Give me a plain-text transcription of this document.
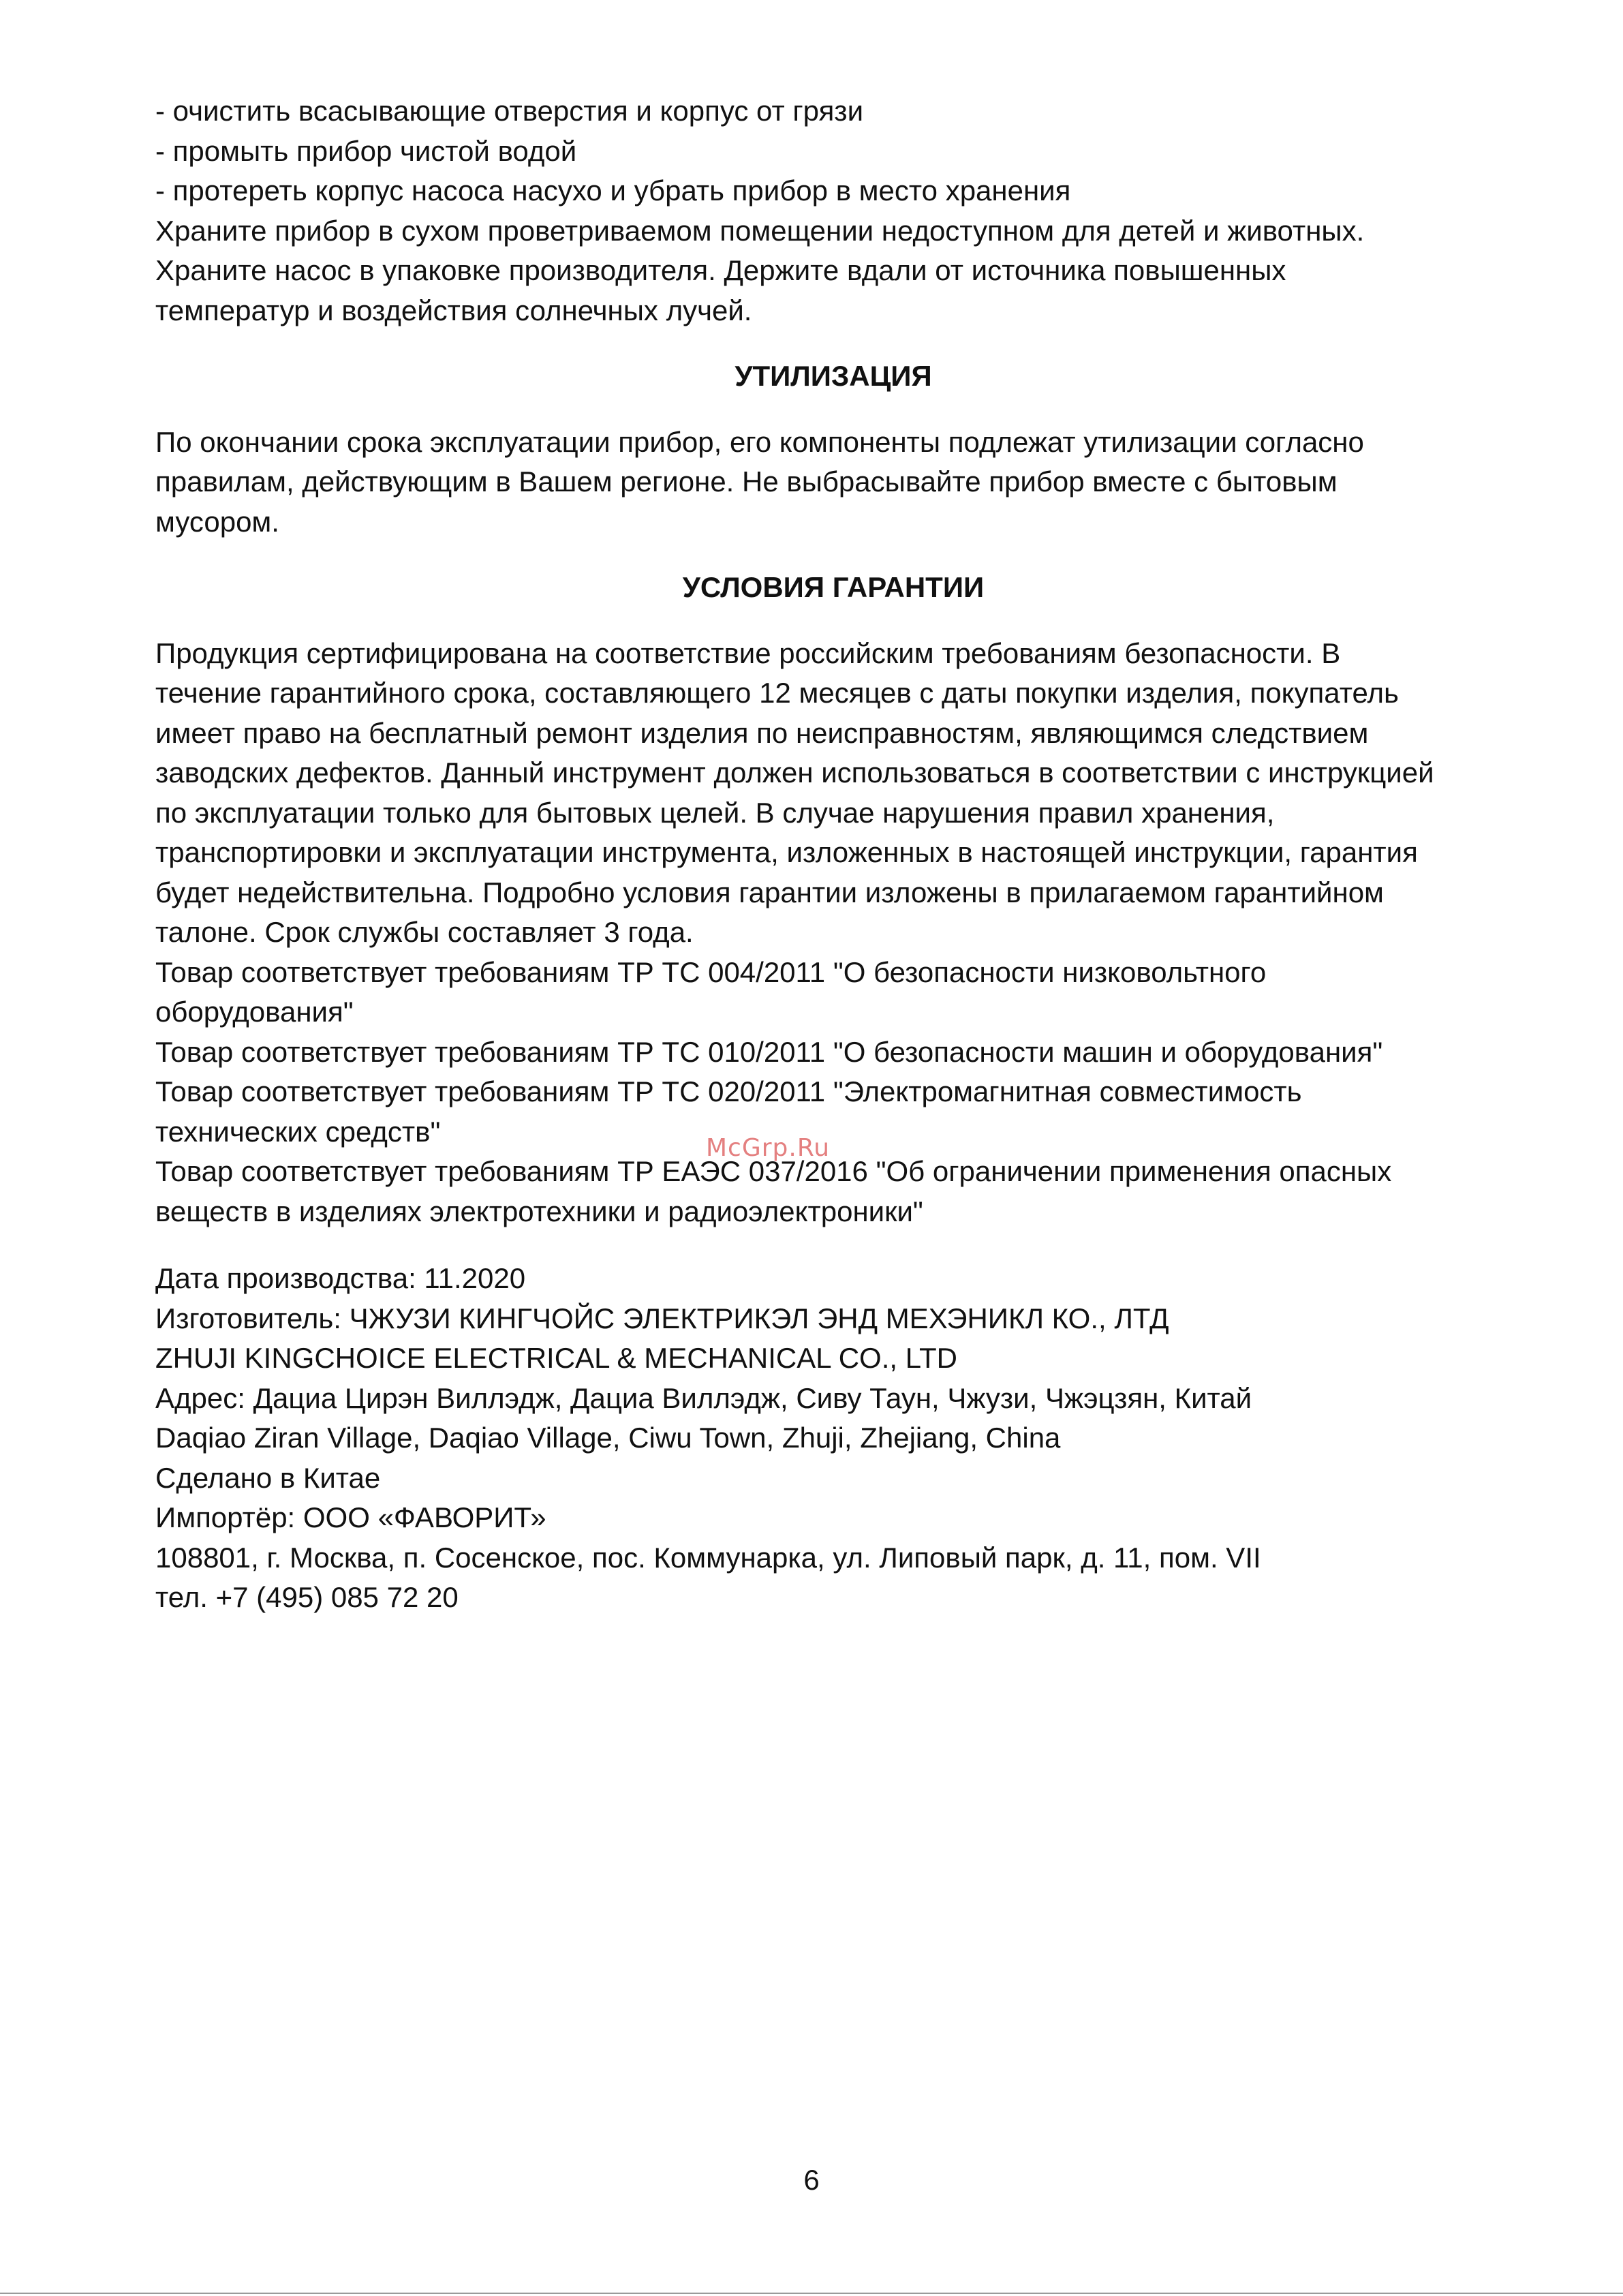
- очистить всасывающие отверстия и корпус от грязи
- промыть прибор чистой водой
- протереть корпус насоса насухо и убрать прибор в место хранения
Храните прибор в сухом проветриваемом помещении недоступном для детей и животных.
Храните насос в упаковке производителя. Держите вдали от источника повышенных
температур и воздействия солнечных лучей.
УТИЛИЗАЦИЯ
По окончании срока эксплуатации прибор, его компоненты подлежат утилизации согласно
правилам, действующим в Вашем регионе. Не выбрасывайте прибор вместе с бытовым
мусором.
УСЛОВИЯ ГАРАНТИИ
Продукция сертифицирована на соответствие российским требованиям безопасности. В
течение гарантийного срока, составляющего 12 месяцев с даты покупки изделия, покупатель
имеет право на бесплатный ремонт изделия по неисправностям, являющимся следствием
заводских дефектов. Данный инструмент должен использоваться в соответствии с инструкцией
по эксплуатации только для бытовых целей. В случае нарушения правил хранения,
транспортировки и эксплуатации инструмента, изложенных в настоящей инструкции, гарантия
будет недействительна. Подробно условия гарантии изложены в прилагаемом гарантийном
талоне. Срок службы составляет 3 года.
Товар соответствует требованиям ТР ТС 004/2011 "О безопасности низковольтного
оборудования"
Товар соответствует требованиям ТР ТС 010/2011 "О безопасности машин и оборудования"
Товар соответствует требованиям ТР ТС 020/2011 "Электромагнитная совместимость
технических средств"
Товар соответствует требованиям ТР ЕАЭС 037/2016 "Об ограничении применения опасных
веществ в изделиях электротехники и радиоэлектроники"
Дата производства: 11.2020
Изготовитель: ЧЖУЗИ КИНГЧОЙС ЭЛЕКТРИКЭЛ ЭНД МЕХЭНИКЛ КО., ЛТД
ZHUJI KINGCHOICE ELECTRICAL & MECHANICAL CO., LTD
Адрес: Дациа Цирэн Виллэдж, Дациа Виллэдж, Сиву Таун, Чжузи, Чжэцзян, Китай
Daqiao Ziran Village, Daqiao Village, Ciwu Town, Zhuji, Zhejiang, China
Сделано в Китае
Импортёр: ООО «ФАВОРИТ»
108801, г. Москва, п. Сосенское, пос. Коммунарка, ул. Липовый парк, д. 11, пом. VII
тел. +7 (495) 085 72 20
McGrp.Ru
6
